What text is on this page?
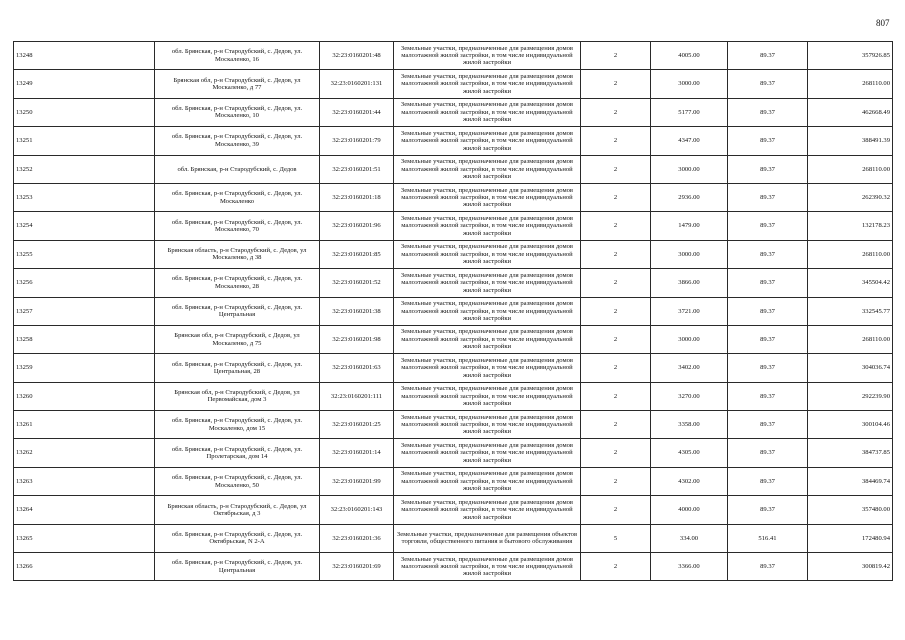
807
13248	обл. Брянская, р-н Стародубский, с. Дедов, ул. Москаленко, 16	32:23:0160201:48	Земельные участки, предназначенные для размещения домов малоэтажной жилой застройки, в том числе индивидуальной жилой застройки	2	4005.00	89.37	357926.85
13249	Брянская обл, р-н Стародубский, с. Дедов, ул Москаленко, д 77	32:23:0160201:131	Земельные участки, предназначенные для размещения домов малоэтажной жилой застройки, в том числе индивидуальной жилой застройки	2	3000.00	89.37	268110.00
13250	обл. Брянская, р-н Стародубский, с. Дедов, ул. Москаленко, 10	32:23:0160201:44	Земельные участки, предназначенные для размещения домов малоэтажной жилой застройки, в том числе индивидуальной жилой застройки	2	5177.00	89.37	462668.49
13251	обл. Брянская, р-н Стародубский, с. Дедов, ул. Москаленко, 39	32:23:0160201:79	Земельные участки, предназначенные для размещения домов малоэтажной жилой застройки, в том числе индивидуальной жилой застройки	2	4347.00	89.37	388491.39
13252	обл. Брянская, р-н Стародубский, с. Дедов	32:23:0160201:51	Земельные участки, предназначенные для размещения домов малоэтажной жилой застройки, в том числе индивидуальной жилой застройки	2	3000.00	89.37	268110.00
13253	обл. Брянская, р-н Стародубский, с. Дедов, ул. Москаленко	32:23:0160201:18	Земельные участки, предназначенные для размещения домов малоэтажной жилой застройки, в том числе индивидуальной жилой застройки	2	2936.00	89.37	262390.32
13254	обл. Брянская, р-н Стародубский, с. Дедов, ул. Москаленко, 70	32:23:0160201:96	Земельные участки, предназначенные для размещения домов малоэтажной жилой застройки, в том числе индивидуальной жилой застройки	2	1479.00	89.37	132178.23
13255	Брянская область, р-н Стародубский, с. Дедов, ул Москаленко, д 38	32:23:0160201:85	Земельные участки, предназначенные для размещения домов малоэтажной жилой застройки, в том числе индивидуальной жилой застройки	2	3000.00	89.37	268110.00
13256	обл. Брянская, р-н Стародубский, с. Дедов, ул. Москаленко, 28	32:23:0160201:52	Земельные участки, предназначенные для размещения домов малоэтажной жилой застройки, в том числе индивидуальной жилой застройки	2	3866.00	89.37	345504.42
13257	обл. Брянская, р-н Стародубский, с. Дедов, ул. Центральная	32:23:0160201:38	Земельные участки, предназначенные для размещения домов малоэтажной жилой застройки, в том числе индивидуальной жилой застройки	2	3721.00	89.37	332545.77
13258	Брянская обл, р-н Стародубский, с Дедов, ул Москаленко, д 75	32:23:0160201:98	Земельные участки, предназначенные для размещения домов малоэтажной жилой застройки, в том числе индивидуальной жилой застройки	2	3000.00	89.37	268110.00
13259	обл. Брянская, р-н Стародубский, с. Дедов, ул. Центральная, 28	32:23:0160201:63	Земельные участки, предназначенные для размещения домов малоэтажной жилой застройки, в том числе индивидуальной жилой застройки	2	3402.00	89.37	304036.74
13260	Брянская обл, р-н Стародубский, с Дедов, ул Первомайская, дом 3	32:23:0160201:111	Земельные участки, предназначенные для размещения домов малоэтажной жилой застройки, в том числе индивидуальной жилой застройки	2	3270.00	89.37	292239.90
13261	обл. Брянская, р-н Стародубский, с. Дедов, ул. Москаленко, дом 15	32:23:0160201:25	Земельные участки, предназначенные для размещения домов малоэтажной жилой застройки, в том числе индивидуальной жилой застройки	2	3358.00	89.37	300104.46
13262	обл. Брянская, р-н Стародубский, с. Дедов, ул. Пролетарская, дом 14	32:23:0160201:14	Земельные участки, предназначенные для размещения домов малоэтажной жилой застройки, в том числе индивидуальной жилой застройки	2	4305.00	89.37	384737.85
13263	обл. Брянская, р-н Стародубский, с. Дедов, ул. Москаленко, 50	32:23:0160201:99	Земельные участки, предназначенные для размещения домов малоэтажной жилой застройки, в том числе индивидуальной жилой застройки	2	4302.00	89.37	384469.74
13264	Брянская область, р-н Стародубский, с. Дедов, ул Октябрьская, д 3	32:23:0160201:143	Земельные участки, предназначенные для размещения домов малоэтажной жилой застройки, в том числе индивидуальной жилой застройки	2	4000.00	89.37	357480.00
13265	обл. Брянская, р-н Стародубский, с. Дедов, ул. Октябрьская, N 2-А	32:23:0160201:36	Земельные участки, предназначенные для размещения объектов торговли, общественного питания и бытового обслуживания	5	334.00	516.41	172480.94
13266	обл. Брянская, р-н Стародубский, с. Дедов, ул. Центральная	32:23:0160201:69	Земельные участки, предназначенные для размещения домов малоэтажной жилой застройки, в том числе индивидуальной жилой застройки	2	3366.00	89.37	300819.42
